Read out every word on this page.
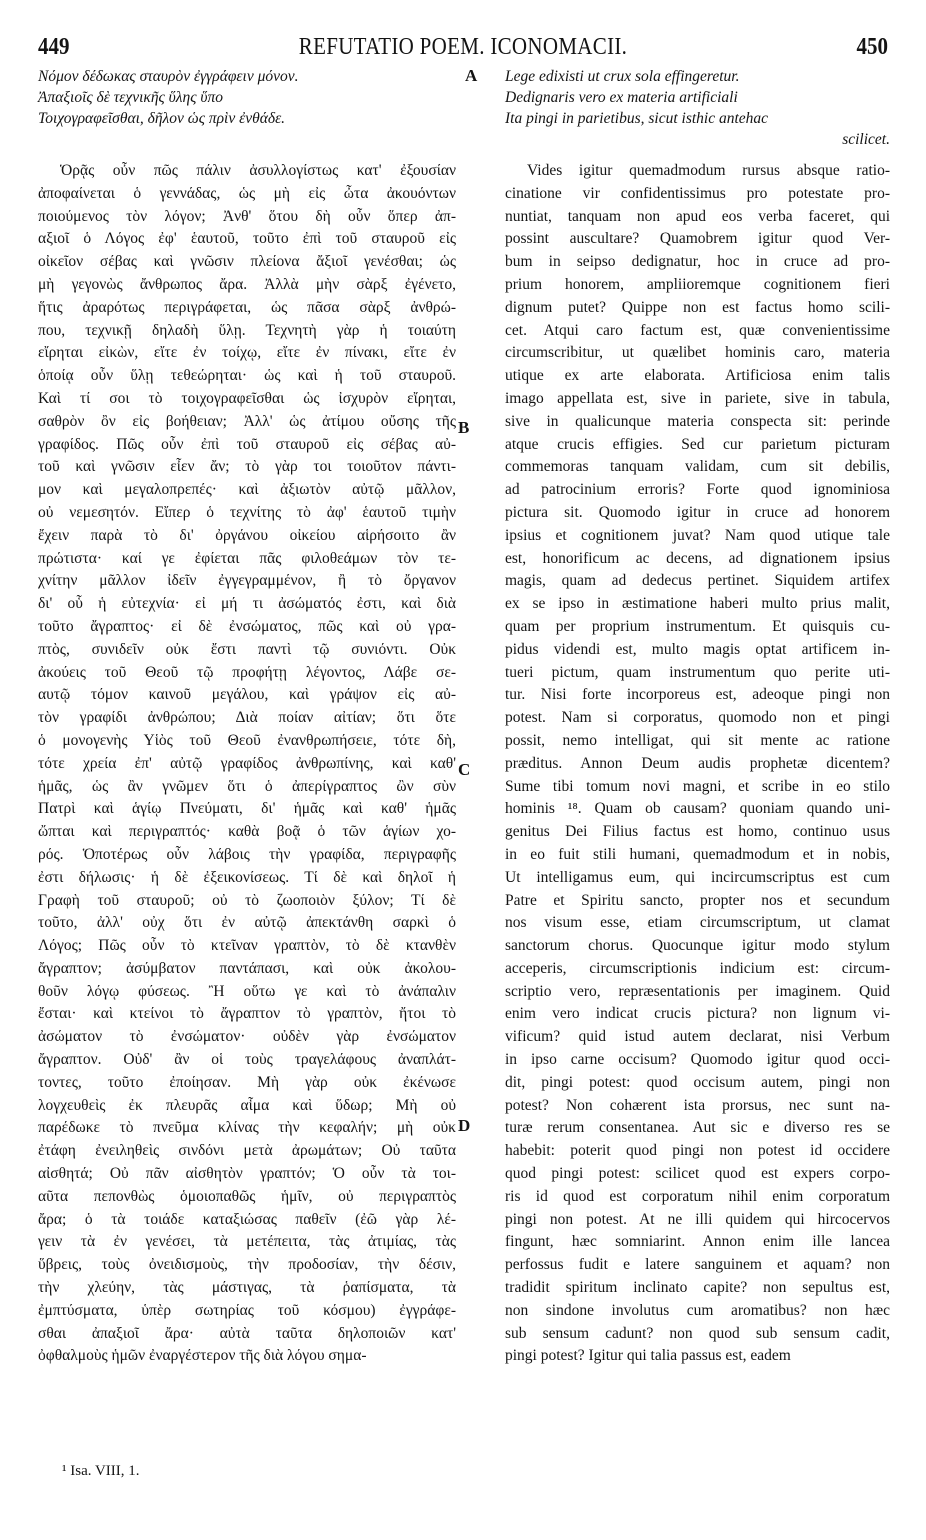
449	REFUTATIO POEM. ICONOMACII.	450
Νόμον δέδωκας σταυρὸν ἐγγράφειν μόνον.
Ἀπαξιοῖς δὲ τεχνικῆς ὕλης ὕπο
Τοιχογραφεῖσθαι, δῆλον ὡς πρὶν ἐνθάδε.
A Lege edixisti ut crux sola effingeretur.
Dedignaris vero ex materia artificiali
Ita pingi in parietibus, sicut isthic antehac
scilicet.
Ὁρᾷς οὖν πῶς πάλιν ἀσυλλογίστως κατ' ἐξουσίαν
ἀποφαίνεται ὁ γεννάδας, ὡς μὴ εἰς ὦτα ἀκουόντων
ποιούμενος τὸν λόγον; Ἀνθ' ὅτου δὴ οὖν ὅπερ ἀπ-
αξιοῖ ὁ Λόγος ἐφ' ἑαυτοῦ, τοῦτο ἐπὶ τοῦ σταυροῦ εἰς
οἰκεῖον σέβας καὶ γνῶσιν πλείονα ἄξιοῖ γενέσθαι; ὡς
μὴ γεγονὼς ἄνθρωπος ἄρα. Ἀλλὰ μὴν σὰρξ ἐγένετο,
ἥτις ἀραρότως περιγράφεται, ὡς πᾶσα σὰρξ ἀνθρώ-
που, τεχνικῇ δηλαδὴ ὕλῃ. Τεχνητὴ γὰρ ἡ τοιαύτη
εἴρηται εἰκὼν, εἴτε ἐν τοίχῳ, εἴτε ἐν πίνακι, εἴτε ἐν
ὁποίᾳ οὖν ὕλῃ τεθεώρηται· ὡς καὶ ἡ τοῦ σταυροῦ.
Καὶ τί σοι τὸ τοιχογραφεῖσθαι ὡς ἰσχυρὸν εἴρηται,
σαθρὸν ὂν εἰς βοήθειαν; Ἀλλ' ὡς ἀτίμου οὔσης τῆς
γραφίδος. Πῶς οὖν ἐπὶ τοῦ σταυροῦ εἰς σέβας αὐ-
τοῦ καὶ γνῶσιν εἶεν ἄν; τὸ γὰρ τοι τοιοῦτον πάντι-
μον καὶ μεγαλοπρεπές· καὶ ἀξιωτὸν αὐτῷ μᾶλλον,
οὐ νεμεσητόν. Εἴπερ ὁ τεχνίτης τὸ ἀφ' ἑαυτοῦ τιμὴν
ἔχειν παρὰ τὸ δι' ὀργάνου οἰκείου αἱρήσοιτο ἂν
πρώτιστα· καί γε ἐφίεται πᾶς φιλοθεάμων τὸν τε-
χνίτην μᾶλλον ἰδεῖν ἐγγεγραμμένον, ἢ τὸ ὄργανον
δι' οὗ ἡ εὐτεχνία· εἰ μή τι ἀσώματός ἐστι, καὶ διὰ
τοῦτο ἄγραπτος· εἰ δὲ ἐνσώματος, πῶς καὶ οὐ γρα-
πτὸς, συνιδεῖν οὐκ ἔστι παντὶ τῷ συνιόντι. Οὐκ
ἀκούεις τοῦ Θεοῦ τῷ προφήτῃ λέγοντος, Λάβε σε-
αυτῷ τόμον καινοῦ μεγάλου, καὶ γράψον εἰς αὐ-
τὸν γραφίδι ἀνθρώπου; Διὰ ποίαν αἰτίαν; ὅτι ὅτε
ὁ μονογενὴς Υἱὸς τοῦ Θεοῦ ἐνανθρωπήσειε, τότε δὴ,
τότε χρεία ἐπ' αὐτῷ γραφίδος ἀνθρωπίνης, καὶ καθ'
ἡμᾶς, ὡς ἂν γνῶμεν ὅτι ὁ ἀπερίγραπτος ὢν σὺν
Πατρὶ καὶ ἁγίῳ Πνεύματι, δι' ἡμᾶς καὶ καθ' ἡμᾶς
ὤπται καὶ περιγραπτός· καθὰ βοᾷ ὁ τῶν ἁγίων χο-
ρός. Ὁποτέρως οὖν λάβοις τὴν γραφίδα, περιγραφῆς
ἐστι δήλωσις· ἡ δὲ ἐξεικονίσεως. Τί δὲ καὶ δηλοῖ ἡ
Γραφὴ τοῦ σταυροῦ; οὐ τὸ ζωοποιὸν ξύλον; Τί δὲ
τοῦτο, ἀλλ' οὐχ ὅτι ἐν αὐτῷ ἀπεκτάνθη σαρκὶ ὁ
Λόγος; Πῶς οὖν τὸ κτεῖναν γραπτὸν, τὸ δὲ κτανθὲν
ἄγραπτον; ἀσύμβατον παντάπασι, καὶ οὐκ ἀκολου-
θοῦν λόγῳ φύσεως. Ἢ οὕτω γε καὶ τὸ ἀνάπαλιν
ἔσται· καὶ κτείνοι τὸ ἄγραπτον τὸ γραπτὸν, ἤτοι τὸ
ἀσώματον τὸ ἐνσώματον· οὐδὲν γὰρ ἐνσώματον
ἄγραπτον. Οὐδ' ἂν οἱ τοὺς τραγελάφους ἀναπλάτ-
τοντες, τοῦτο ἐποίησαν. Μὴ γὰρ οὐκ ἐκένωσε
λογχευθεὶς ἐκ πλευρᾶς αἷμα καὶ ὕδωρ; Μὴ οὐ
παρέδωκε τὸ πνεῦμα κλίνας τὴν κεφαλήν; μὴ οὐκ
ἐτάφη ἐνειληθεὶς σινδόνι μετὰ ἀρωμάτων; Οὐ ταῦτα
αἰσθητά; Οὐ πᾶν αἰσθητὸν γραπτόν; Ὁ οὖν τὰ τοι-
αῦτα πεπονθὼς ὁμοιοπαθῶς ἡμῖν, οὐ περιγραπτὸς
ἄρα; ὁ τὰ τοιάδε καταξιώσας παθεῖν (ἐῶ γὰρ λέ-
γειν τὰ ἐν γενέσει, τὰ μετέπειτα, τὰς ἀτιμίας, τὰς
ὕβρεις, τοὺς ὀνειδισμοὺς, τὴν προδοσίαν, τὴν δέσιν,
τὴν χλεύην, τὰς μάστιγας, τὰ ῥαπίσματα, τὰ
ἐμπτύσματα, ὑπὲρ σωτηρίας τοῦ κόσμου) ἐγγράφε-
σθαι ἀπαξιοῖ ἄρα· αὐτὰ ταῦτα δηλοποιῶν κατ'
ὀφθαλμοὺς ἡμῶν ἐναργέστερον τῆς διὰ λόγου σημα-
Vides igitur quemadmodum rursus absque ratio-
cinatione vir confidentissimus pro potestate pro-
nuntiat, tanquam non apud eos verba faceret, qui
possint auscultare? Quamobrem igitur quod Ver-
bum in seipso dedignatur, hoc in cruce ad pro-
prium honorem, ampliioremque cognitionem fieri
dignum putet? Quippe non est factus homo scili-
cet. Atqui caro factum est, quæ convenientissime
circumscribitur, ut quælibet hominis caro, materia
utique ex arte elaborata. Artificiosa enim talis
imago appellata est, sive in pariete, sive in tabula,
sive in qualicunque materia conspecta sit: perinde
atque crucis effigies. Sed cur parietum picturam
commemoras tanquam validam, cum sit debilis,
ad patrocinium erroris? Forte quod ignominiosa
pictura sit. Quomodo igitur in cruce ad honorem
ipsius et cognitionem juvat? Nam quod utique tale
est, honorificum ac decens, ad dignationem ipsius
magis, quam ad dedecus pertinet. Siquidem artifex
ex se ipso in æstimatione haberi multo prius malit,
quam per proprium instrumentum. Et quisquis cu-
pidus videndi est, multo magis optat artificem in-
tueri pictum, quam instrumentum quo perite uti-
tur. Nisi forte incorporeus est, adeoque pingi non
potest. Nam si corporatus, quomodo non et pingi
possit, nemo intelligat, qui sit mente ac ratione
præditus. Annon Deum audis prophetæ dicentem?
Sume tibi tomum novi magni, et scribe in eo stilo
hominis ¹⁸. Quam ob causam? quoniam quando uni-
genitus Dei Filius factus est homo, continuo usus
in eo fuit stili humani, quemadmodum et in nobis,
Ut intelligamus eum, qui incircumscriptus est cum
Patre et Spiritu sancto, propter nos et secundum
nos visum esse, etiam circumscriptum, ut clamat
sanctorum chorus. Quocunque igitur modo stylum
acceperis, circumscriptionis indicium est: circum-
scriptio vero, repræsentationis per imaginem. Quid
enim vero indicat crucis pictura? non lignum vi-
vificum? quid istud autem declarat, nisi Verbum
in ipso carne occisum? Quomodo igitur quod occi-
dit, pingi potest: quod occisum autem, pingi non
potest? Non cohærent ista prorsus, nec sunt na-
turæ rerum consentanea. Aut sic e diverso res se
habebit: poterit quod pingi non potest id occidere
quod pingi potest: scilicet quod est expers corpo-
ris id quod est corporatum nihil enim corporatum
pingi non potest. At ne illi quidem qui hircocervos
fingunt, hæc somniarint. Annon enim ille lancea
perfossus fudit e latere sanguinem et aquam? non
tradidit spiritum inclinato capite? non sepultus est,
non sindone involutus cum aromatibus? non hæc
sub sensum cadunt? non quod sub sensum cadit,
pingi potest? Igitur qui talia passus est, eadem
B
C
D
¹ Isa. VIII, 1.
